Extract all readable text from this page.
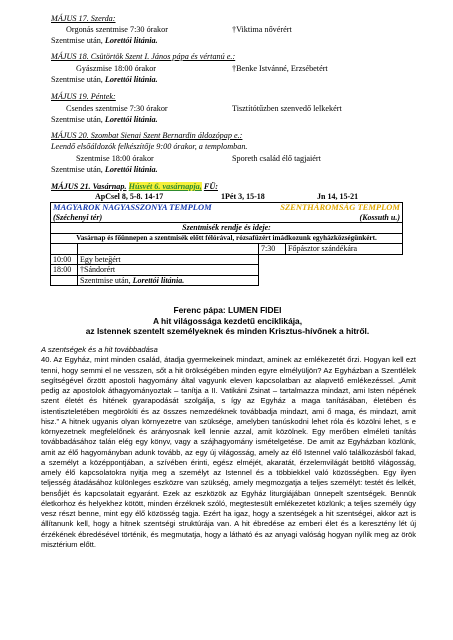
MÁJUS 17. Szerda:
Orgonás szentmise 7:30 órakor	†Viktima nővérért
Szentmise után, Lorettói litánia.
MÁJUS 18. Csütörtök Szent I. János pápa és vértanú e.:
Gyászmise 18:00 órakor	†Benke Istvánné, Erzsébetért
Szentmise után, Lorettói litánia.
MÁJUS 19. Péntek:
Csendes szentmise 7:30 órakor	Tisztítótűzben szenvedő lelkekért
Szentmise után, Lorettói litánia.
MÁJUS 20. Szombat Sienai Szent Bernardin áldozópap e.:
Leendő elsőáldozók felkészítője 9:00 órakor, a templomban.
Szentmise 18:00 órakor	Sporeth család élő tagjaiért
Szentmise után, Lorettói litánia.
MÁJUS 21. Vasárnap. Húsvét 6. vasárnapja, FÜ:
ApCsel 8, 5-8. 14-17	1Pét 3, 15-18	Jn 14, 15-21
MAGYAROK NAGYASSZONYA TEMPLOM		SZENTHÁROMSÁG TEMPLOM	
(Széchenyi tér)		(Kossuth u.)	
Szentmisék rendje és ideje:			
Vasárnap és főünnepen a szentmisék előtt félórával, rózsafüzért imádkozunk egyházközségünkért.			
		7:30	Főpásztor szándékára
10:00	Egy beteg̈ért		
18:00	†Sándorért		
	Szentmise után, Lorettói litánia.		
Ferenc pápa: LUMEN FIDEI
A hit világossága kezdetű enciklikája,
az Istennek szentelt személyeknek és minden Krisztus-hívőnek a hitről.

A szentségek és a hit továbbadása

40. Az Egyház, mint minden család, átadja gyermekeinek mindazt, aminek az emlékezetét őrzi. Hogyan kell ezt tenni, hogy semmi el ne vesszen, sőt a hit örökségében minden egyre elmélyüljön? Az Egyházban a Szentlélek segítségével őrzött apostoli hagyomány által vagyunk eleven kapcsolatban az alapvető emlékezéssel. „Amit pedig az apostolok áthagyományoztak – tanítja a II. Vatikáni Zsinat – tartalmazza mindazt, ami Isten népének szent életét és hitének gyarapodását szolgálja, s így az Egyház a maga tanításában, életében és istentiszteletében megörökíti és az összes nemzedéknek továbbadja mindazt, ami ő maga, és mindazt, amit hisz.” A hitnek ugyanis olyan környezetre van szüksége, amelyben tanúskodni lehet róla és közölni lehet, s e környezetnek megfelelőnek és arányosnak kell lennie azzal, amit közölnek. Egy merőben elméleti tanítás továbbadásához talán elég egy könyv, vagy a szájhagyomány ismételgetése. De amit az Egyházban közlünk, amit az élő hagyományban adunk tovább, az egy új világosság, amely az élő Istennel való találkozásból fakad, a személyt a középpontjában, a szívében érinti, egész elméjét, akaratát, érzelemvilágát betöltő világosság, amely élő kapcsolatokra nyitja meg a személyt az Istennel és a többiekkel való közösségben. Egy ilyen teljesség átadásához különleges eszközre van szükség, amely megmozgatja a teljes személyt: testét és lelkét, benső́jét és kapcsolatait egyaránt. Ezek az eszközök az Egyház liturgiájában ünnepelt szentségek. Bennük életkorhoz és helyekhez kötött, minden érzéknek szóló, megtestesült emlékezetet közlünk; a teljes személy úgy vesz részt benne, mint egy élő közösség tagja. Ezért ha igaz, hogy a szentségek a hit szentségei, akkor azt is állítanunk kell, hogy a hitnek szentségi struktúrája van. A hit ébredése az emberi élet és a keresztény lét új érzékének ébredésével történik, és megmutatja, hogy a látható és az anyagi valóság hogyan nyílik meg az örök misztérium előtt.
